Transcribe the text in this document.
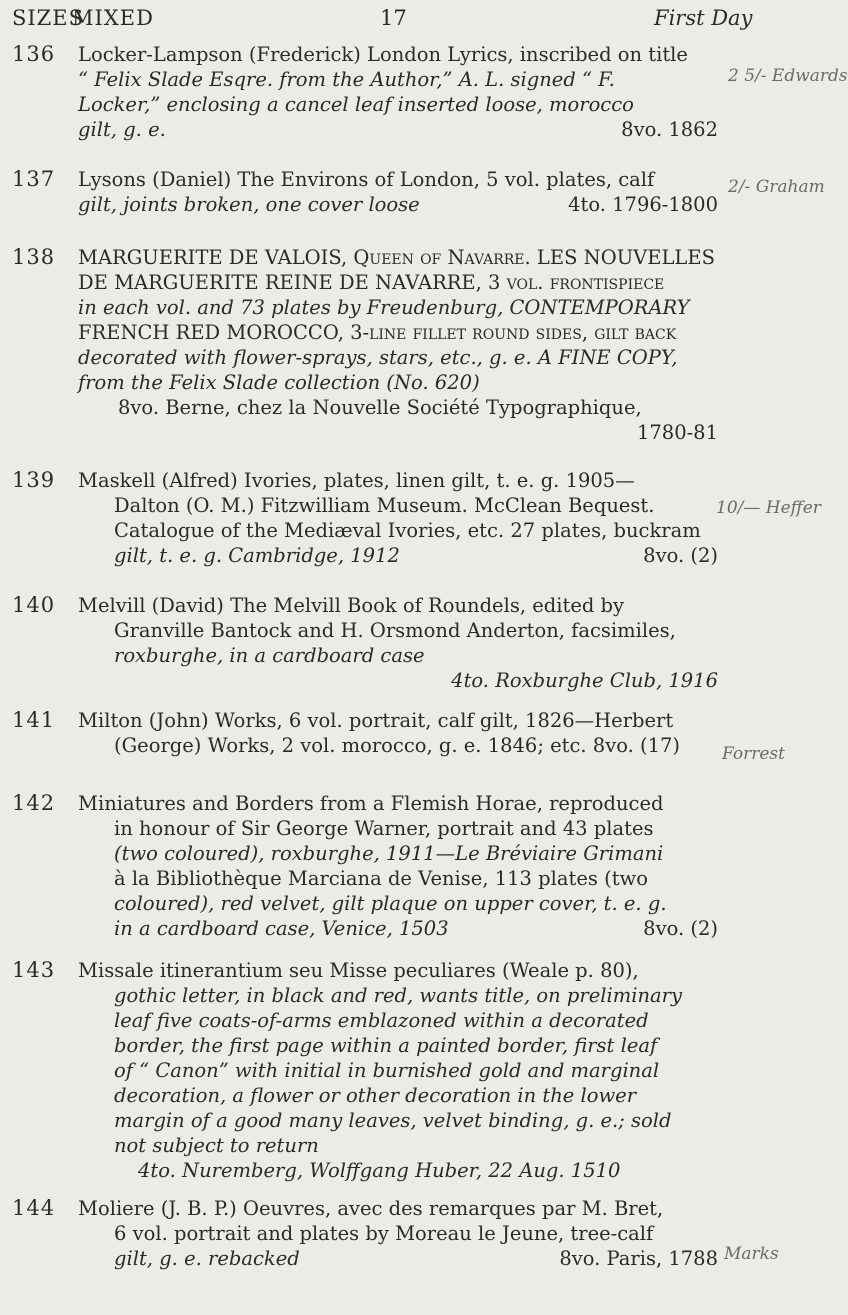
SIZES
MIXED	17	First Day
136 Locker-Lampson (Frederick) London Lyrics, inscribed on title

“ Felix Slade Esqre. from the Author,” A. L. signed “ F.

Locker,” enclosing a cancel leaf inserted loose, morocco

gilt, g. e.	8vo. 1862

2 5/- Edwards
137 Lysons (Daniel) The Environs of London, 5 vol. plates, calf

gilt, joints broken, one cover loose	4to. 1796-1800

2/- Graham
138 MARGUERITE DE VALOIS, Queen of Navarre. LES NOUVELLES

DE MARGUERITE REINE DE NAVARRE, 3 vol. frontispiece

in each vol. and 73 plates by Freudenburg, CONTEMPORARY

FRENCH RED MOROCCO, 3-line fillet round sides, gilt back

decorated with flower-sprays, stars, etc., g. e. A FINE COPY,

from the Felix Slade collection (No. 620)

8vo. Berne, chez la Nouvelle Société Typographique,

1780-81

139 Maskell (Alfred) Ivories, plates, linen gilt, t. e. g. 1905—

Dalton (O. M.) Fitzwilliam Museum. McClean Bequest.

Catalogue of the Mediæval Ivories, etc. 27 plates, buckram

gilt, t. e. g. Cambridge, 1912	8vo. (2)

10/— Heffer
140 Melvill (David) The Melvill Book of Roundels, edited by

Granville Bantock and H. Orsmond Anderton, facsimiles,

roxburghe, in a cardboard case

4to. Roxburghe Club, 1916

141 Milton (John) Works, 6 vol. portrait, calf gilt, 1826—Herbert

(George) Works, 2 vol. morocco, g. e. 1846; etc. 8vo. (17)	Forrest
142 Miniatures and Borders from a Flemish Horae, reproduced

in honour of Sir George Warner, portrait and 43 plates

(two coloured), roxburghe, 1911—Le Bréviaire Grimani

à la Bibliothèque Marciana de Venise, 113 plates (two

coloured), red velvet, gilt plaque on upper cover, t. e. g.

in a cardboard case, Venice, 1503	8vo. (2)

143 Missale itinerantium seu Misse peculiares (Weale p. 80),

gothic letter, in black and red, wants title, on preliminary

leaf five coats-of-arms emblazoned within a decorated

border, the first page within a painted border, first leaf

of “ Canon” with initial in burnished gold and marginal

decoration, a flower or other decoration in the lower

margin of a good many leaves, velvet binding, g. e.; sold

not subject to return

4to. Nuremberg, Wolffgang Huber, 22 Aug. 1510

144 Moliere (J. B. P.) Oeuvres, avec des remarques par M. Bret,

6 vol. portrait and plates by Moreau le Jeune, tree-calf

gilt, g. e. rebacked	8vo. Paris, 1788 Marks
